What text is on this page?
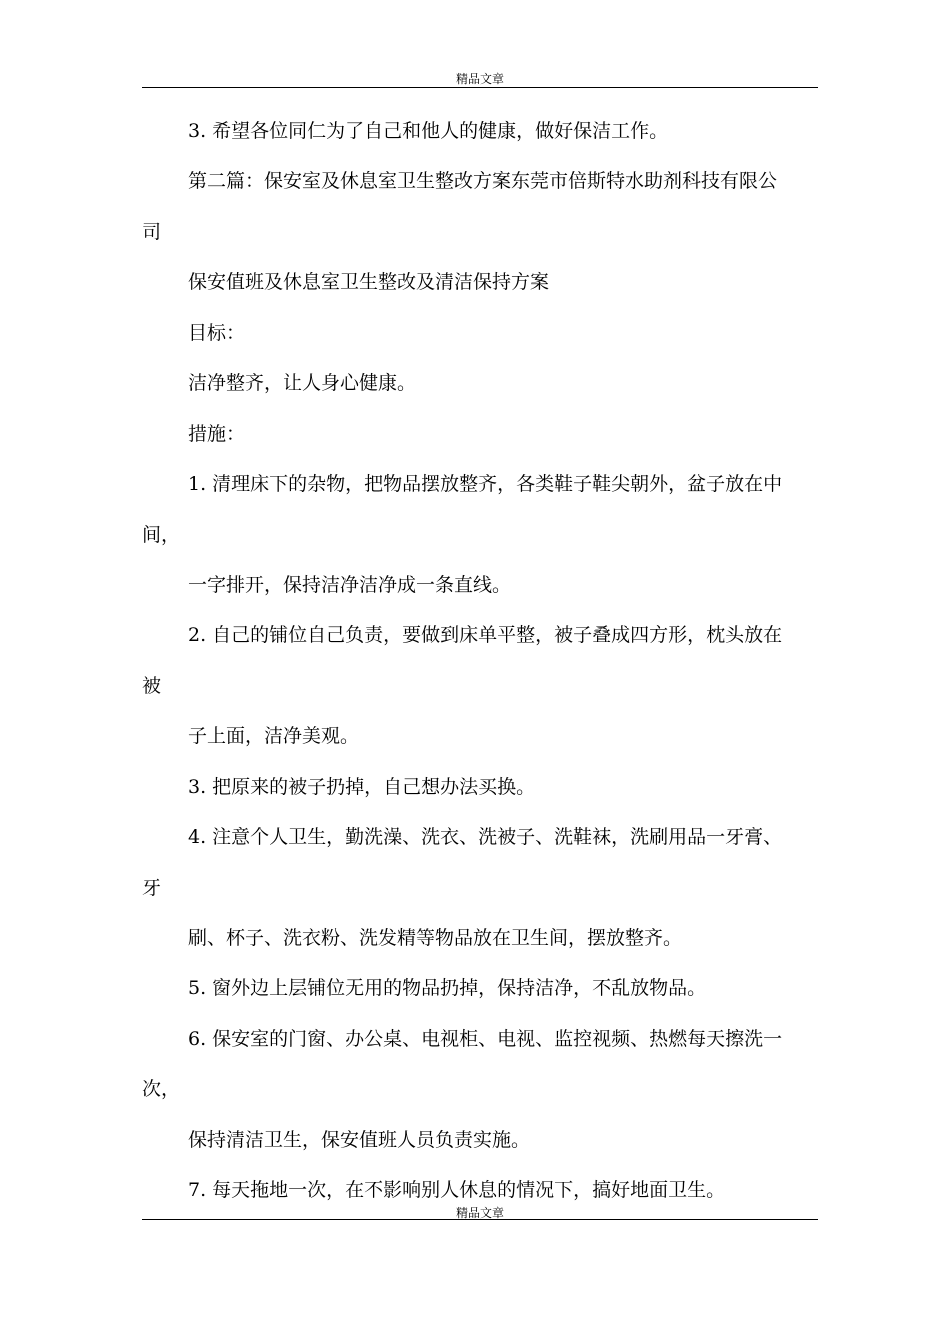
精品文章
3. 希望各位同仁为了自己和他人的健康，做好保洁工作。
第二篇：保安室及休息室卫生整改方案东莞市倍斯特水助剂科技有限公
司
保安值班及休息室卫生整改及清洁保持方案
目标：
洁净整齐，让人身心健康。
措施：
1. 清理床下的杂物，把物品摆放整齐，各类鞋子鞋尖朝外，盆子放在中
间，
一字排开，保持洁净洁净成一条直线。
2. 自己的铺位自己负责，要做到床单平整，被子叠成四方形，枕头放在
被
子上面，洁净美观。
3. 把原来的被子扔掉，自己想办法买换。
4. 注意个人卫生，勤洗澡、洗衣、洗被子、洗鞋袜，洗刷用品一牙膏、
牙
刷、杯子、洗衣粉、洗发精等物品放在卫生间，摆放整齐。
5. 窗外边上层铺位无用的物品扔掉，保持洁净，不乱放物品。
6. 保安室的门窗、办公桌、电视柜、电视、监控视频、热燃每天擦洗一
次，
保持清洁卫生，保安值班人员负责实施。
7. 每天拖地一次，在不影响别人休息的情况下，搞好地面卫生。
精品文章
